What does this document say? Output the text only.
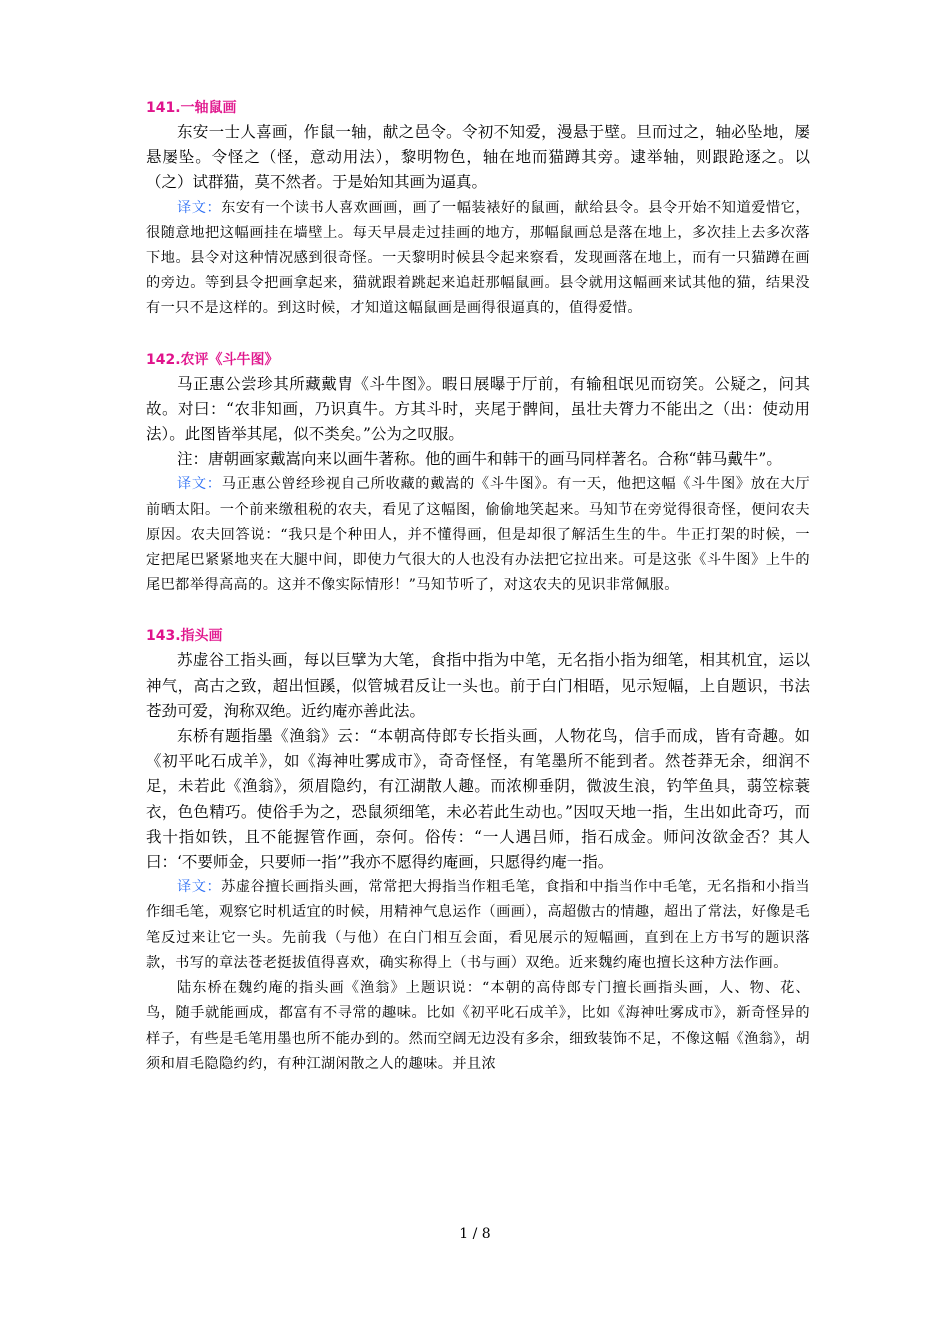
141.一轴鼠画

东安一士人喜画，作鼠一轴，献之邑令。令初不知爱，漫悬于壁。旦而过之，轴必坠地，屡悬屡坠。令怪之（怪，意动用法），黎明物色，轴在地而猫蹲其旁。逮举轴，则跟跄逐之。以（之）试群猫，莫不然者。于是始知其画为逼真。

译文：东安有一个读书人喜欢画画，画了一幅装裱好的鼠画，献给县令。县令开始不知道爱惜它，很随意地把这幅画挂在墙壁上。每天早晨走过挂画的地方，那幅鼠画总是落在地上，多次挂上去多次落下地。县令对这种情况感到很奇怪。一天黎明时候县令起来察看，发现画落在地上，而有一只猫蹲在画的旁边。等到县令把画拿起来，猫就跟着跳起来追赶那幅鼠画。县令就用这幅画来试其他的猫，结果没有一只不是这样的。到这时候，才知道这幅鼠画是画得很逼真的，值得爱惜。

142.农评《斗牛图》

马正惠公尝珍其所藏戴胄《斗牛图》。暇日展曝于厅前，有输租氓见而窃笑。公疑之，问其故。对曰：“农非知画，乃识真牛。方其斗时，夹尾于髀间，虽壮夫膂力不能出之（出：使动用法）。此图皆举其尾，似不类矣。”公为之叹服。

注：唐朝画家戴嵩向来以画牛著称。他的画牛和韩干的画马同样著名。合称“韩马戴牛”。

译文：马正惠公曾经珍视自己所收藏的戴嵩的《斗牛图》。有一天，他把这幅《斗牛图》放在大厅前晒太阳。一个前来缴租税的农夫，看见了这幅图，偷偷地笑起来。马知节在旁觉得很奇怪，便问农夫原因。农夫回答说：“我只是个种田人，并不懂得画，但是却很了解活生生的牛。牛正打架的时候，一定把尾巴紧紧地夹在大腿中间，即使力气很大的人也没有办法把它拉出来。可是这张《斗牛图》上牛的尾巴都举得高高的。这并不像实际情形！”马知节听了，对这农夫的见识非常佩服。

143.指头画

苏虚谷工指头画，每以巨擘为大笔，食指中指为中笔，无名指小指为细笔，相其机宜，运以神气，高古之致，超出恒蹊，似管城君反让一头也。前于白门相晤，见示短幅，上自题识，书法苍劲可爱，洵称双绝。近约庵亦善此法。

东桥有题指墨《渔翁》云：“本朝高侍郎专长指头画，人物花鸟，信手而成，皆有奇趣。如《初平叱石成羊》，如《海神吐雾成市》，奇奇怪怪，有笔墨所不能到者。然苍莽无余，细润不足，未若此《渔翁》，须眉隐约，有江湖散人趣。而浓柳垂阴，微波生浪，钓竿鱼具，蒻笠棕蓑衣，色色精巧。使俗手为之，恐鼠须细笔，未必若此生动也。”因叹天地一指，生出如此奇巧，而我十指如铁，且不能握管作画，奈何。俗传：“一人遇吕师，指石成金。师问汝欲金否？其人曰：‘不要师金，只要师一指’”我亦不愿得约庵画，只愿得约庵一指。

译文：苏虚谷擅长画指头画，常常把大拇指当作粗毛笔，食指和中指当作中毛笔，无名指和小指当作细毛笔，观察它时机适宜的时候，用精神气息运作（画画），高超傲古的情趣，超出了常法，好像是毛笔反过来让它一头。先前我（与他）在白门相互会面，看见展示的短幅画，直到在上方书写的题识落款，书写的章法苍老挺拔值得喜欢，确实称得上（书与画）双绝。近来魏约庵也擅长这种方法作画。

陆东桥在魏约庵的指头画《渔翁》上题识说：“本朝的高侍郎专门擅长画指头画，人、物、花、鸟，随手就能画成，都富有不寻常的趣味。比如《初平叱石成羊》，比如《海神吐雾成市》，新奇怪异的样子，有些是毛笔用墨也所不能办到的。然而空阔无边没有多余，细致装饰不足，不像这幅《渔翁》，胡须和眉毛隐隐约约，有种江湖闲散之人的趣味。并且浓

1 / 8
